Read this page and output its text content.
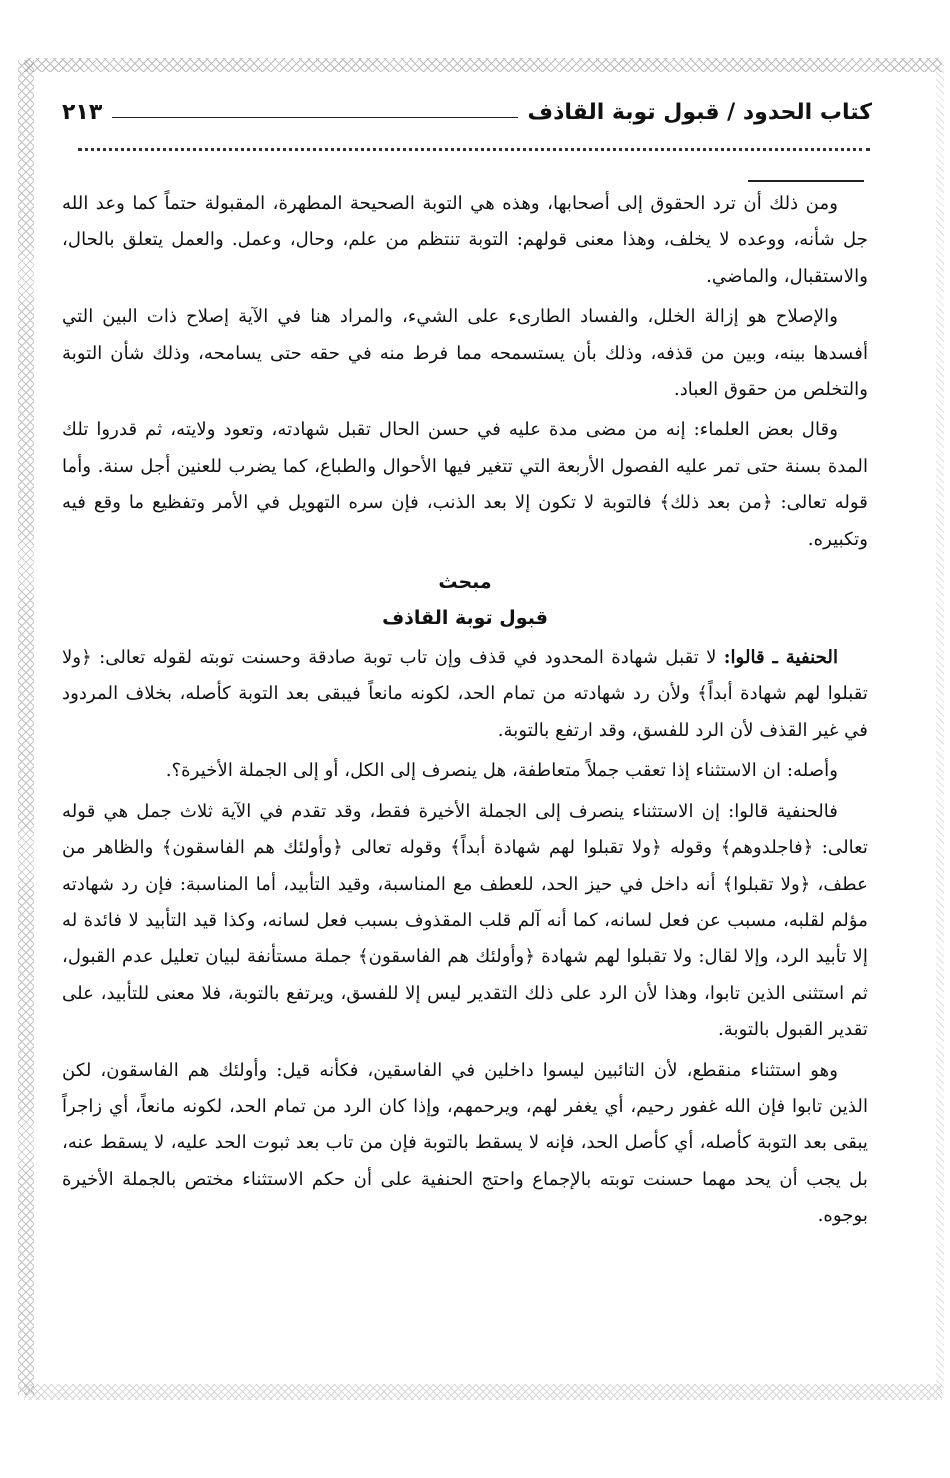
كتاب الحدود / قبول توبة القاذف
٢١٣

ومن ذلك أن ترد الحقوق إلى أصحابها، وهذه هي التوبة الصحيحة المطهرة، المقبولة حتماً كما وعد الله جل شأنه، ووعده لا يخلف، وهذا معنى قولهم: التوبة تنتظم من علم، وحال، وعمل. والعمل يتعلق بالحال، والاستقبال، والماضي.

والإصلاح هو إزالة الخلل، والفساد الطارىء على الشيء، والمراد هنا في الآية إصلاح ذات البين التي أفسدها بينه، وبين من قذفه، وذلك بأن يستسمحه مما فرط منه في حقه حتى يسامحه، وذلك شأن التوبة والتخلص من حقوق العباد.

وقال بعض العلماء: إنه من مضى مدة عليه في حسن الحال تقبل شهادته، وتعود ولايته، ثم قدروا تلك المدة بسنة حتى تمر عليه الفصول الأربعة التي تتغير فيها الأحوال والطباع، كما يضرب للعنين أجل سنة. وأما قوله تعالى: ﴿من بعد ذلك﴾ فالتوبة لا تكون إلا بعد الذنب، فإن سره التهويل في الأمر وتفظيع ما وقع فيه وتكبيره.

مبحث
قبول توبة القاذف

الحنفية ـ قالوا: لا تقبل شهادة المحدود في قذف وإن تاب توبة صادقة وحسنت توبته لقوله تعالى: ﴿ولا تقبلوا لهم شهادة أبداً﴾ ولأن رد شهادته من تمام الحد، لكونه مانعاً فيبقى بعد التوبة كأصله، بخلاف المردود في غير القذف لأن الرد للفسق، وقد ارتفع بالتوبة.

وأصله: ان الاستثناء إذا تعقب جملاً متعاطفة، هل ينصرف إلى الكل، أو إلى الجملة الأخيرة؟.

فالحنفية قالوا: إن الاستثناء ينصرف إلى الجملة الأخيرة فقط، وقد تقدم في الآية ثلاث جمل هي قوله تعالى: ﴿فاجلدوهم﴾ وقوله ﴿ولا تقبلوا لهم شهادة أبداً﴾ وقوله تعالى ﴿وأولئك هم الفاسقون﴾ والظاهر من عطف، ﴿ولا تقبلوا﴾ أنه داخل في حيز الحد، للعطف مع المناسبة، وقيد التأبيد، أما المناسبة: فإن رد شهادته مؤلم لقلبه، مسبب عن فعل لسانه، كما أنه آلم قلب المقذوف بسبب فعل لسانه، وكذا قيد التأبيد لا فائدة له إلا تأبيد الرد، وإلا لقال: ولا تقبلوا لهم شهادة ﴿وأولئك هم الفاسقون﴾ جملة مستأنفة لبيان تعليل عدم القبول، ثم استثنى الذين تابوا، وهذا لأن الرد على ذلك التقدير ليس إلا للفسق، ويرتفع بالتوبة، فلا معنى للتأبيد، على تقدير القبول بالتوبة.

وهو استثناء منقطع، لأن التائبين ليسوا داخلين في الفاسقين، فكأنه قيل: وأولئك هم الفاسقون، لكن الذين تابوا فإن الله غفور رحيم، أي يغفر لهم، ويرحمهم، وإذا كان الرد من تمام الحد، لكونه مانعاً، أي زاجراً يبقى بعد التوبة كأصله، أي كأصل الحد، فإنه لا يسقط بالتوبة فإن من تاب بعد ثبوت الحد عليه، لا يسقط عنه، بل يجب أن يحد مهما حسنت توبته بالإجماع واحتج الحنفية على أن حكم الاستثناء مختص بالجملة الأخيرة بوجوه.
